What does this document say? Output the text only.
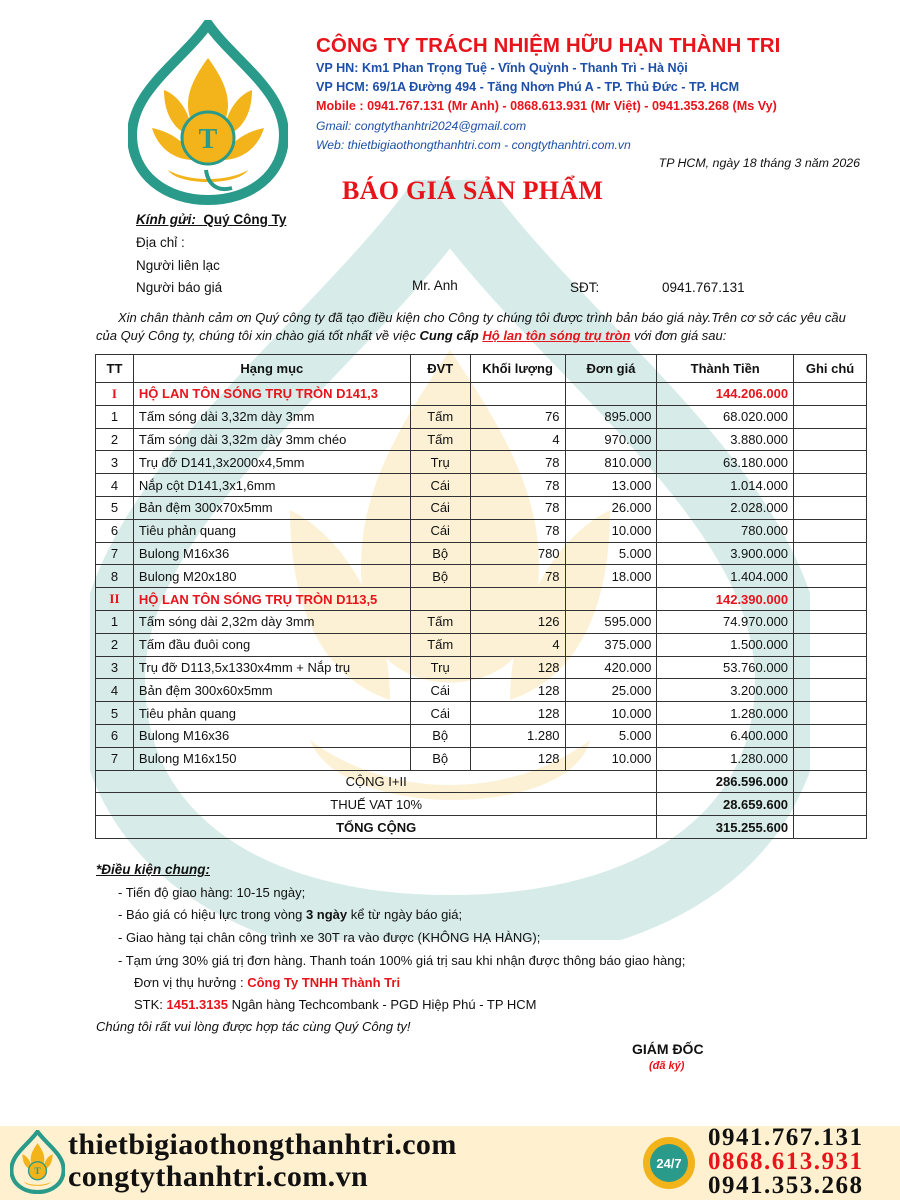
T
CÔNG TY TRÁCH NHIỆM HỮU HẠN THÀNH TRI
VP HN: Km1 Phan Trọng Tuệ - Vĩnh Quỳnh - Thanh Trì - Hà Nội
VP HCM: 69/1A Đường 494 - Tăng Nhơn Phú A - TP. Thủ Đức - TP. HCM
Mobile : 0941.767.131 (Mr Anh) - 0868.613.931 (Mr Việt) - 0941.353.268 (Ms Vy)
Gmail: congtythanhtri2024@gmail.com
Web: thietbigiaothongthanhtri.com - congtythanhtri.com.vn
TP HCM, ngày 18 tháng 3 năm 2026
BÁO GIÁ SẢN PHẨM
Kính gửi: Quý Công Ty
Địa chỉ :
Người liên lạc
Người báo giá	Mr. Anh	SĐT:	0941.767.131
Xin chân thành cảm ơn Quý công ty đã tạo điều kiện cho Công ty chúng tôi được trình bản báo giá này.Trên cơ sở các yêu cầu của Quý Công ty, chúng tôi xin chào giá tốt nhất về việc Cung cấp Hộ lan tôn sóng trụ tròn với đơn giá sau:
TT	Hạng mục	ĐVT	Khối lượng	Đơn giá	Thành Tiền	Ghi chú
I	HỘ LAN TÔN SÓNG TRỤ TRÒN D141,3				144.206.000	
1	Tấm sóng dài 3,32m dày 3mm	Tấm	76	895.000	68.020.000	
2	Tấm sóng dài 3,32m dày 3mm chéo	Tấm	4	970.000	3.880.000	
3	Trụ đỡ D141,3x2000x4,5mm	Trụ	78	810.000	63.180.000	
4	Nắp cột D141,3x1,6mm	Cái	78	13.000	1.014.000	
5	Bản đệm 300x70x5mm	Cái	78	26.000	2.028.000	
6	Tiêu phản quang	Cái	78	10.000	780.000	
7	Bulong M16x36	Bộ	780	5.000	3.900.000	
8	Bulong M20x180	Bộ	78	18.000	1.404.000	
II	HỘ LAN TÔN SÓNG TRỤ TRÒN D113,5				142.390.000	
1	Tấm sóng dài 2,32m dày 3mm	Tấm	126	595.000	74.970.000	
2	Tấm đầu đuôi cong	Tấm	4	375.000	1.500.000	
3	Trụ đỡ D113,5x1330x4mm + Nắp trụ	Trụ	128	420.000	53.760.000	
4	Bản đệm 300x60x5mm	Cái	128	25.000	3.200.000	
5	Tiêu phản quang	Cái	128	10.000	1.280.000	
6	Bulong M16x36	Bộ	1.280	5.000	6.400.000	
7	Bulong M16x150	Bộ	128	10.000	1.280.000	
CỘNG I+II					286.596.000	
THUẾ VAT 10%					28.659.600	
TỔNG CỘNG					315.255.600	
*Điều kiện chung:
- Tiến độ giao hàng: 10-15 ngày;
- Báo giá có hiệu lực trong vòng 3 ngày kể từ ngày báo giá;
- Giao hàng tại chân công trình xe 30T ra vào được (KHÔNG HẠ HÀNG);
- Tạm ứng 30% giá trị đơn hàng. Thanh toán 100% giá trị sau khi nhận được thông báo giao hàng;
Đơn vị thụ hưởng : Công Ty TNHH Thành Tri
STK: 1451.3135 Ngân hàng Techcombank - PGD Hiệp Phú - TP HCM
Chúng tôi rất vui lòng được hợp tác cùng Quý Công ty!
GIÁM ĐỐC
(đã ký)
T
thietbigiaothongthanhtri.com
congtythanhtri.com.vn	24/7
0941.767.131
0868.613.931
0941.353.268
